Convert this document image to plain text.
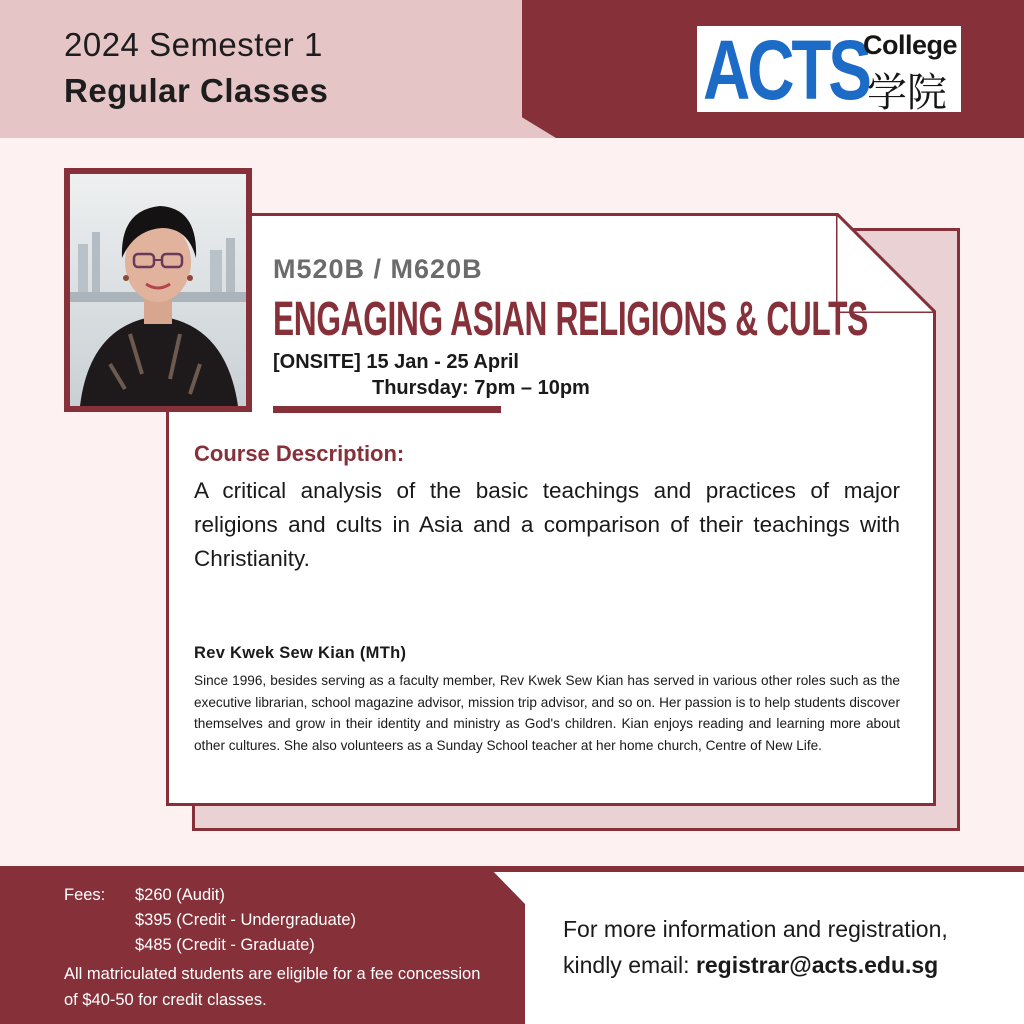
2024 Semester 1
Regular Classes	ACTS
College
学院
M520B / M620B
ENGAGING ASIAN RELIGIONS & CULTS
[ONSITE] 15 Jan - 25 April
Thursday: 7pm – 10pm
Course Description:
A critical analysis of the basic teachings and practices of major religions and cults in Asia and a comparison of their teachings with Christianity.
Rev Kwek Sew Kian (MTh)
Since 1996, besides serving as a faculty member, Rev Kwek Sew Kian has served in various other roles such as the executive librarian, school magazine advisor, mission trip advisor, and so on. Her passion is to help students discover themselves and grow in their identity and ministry as God's children. Kian enjoys reading and learning more about other cultures. She also volunteers as a Sunday School teacher at her home church, Centre of New Life.
Fees: $260 (Audit)
$395 (Credit - Undergraduate)
$485 (Credit - Graduate)
All matriculated students are eligible for a fee concession of $40-50 for credit classes.
For more information and registration,
kindly email: registrar@acts.edu.sg
